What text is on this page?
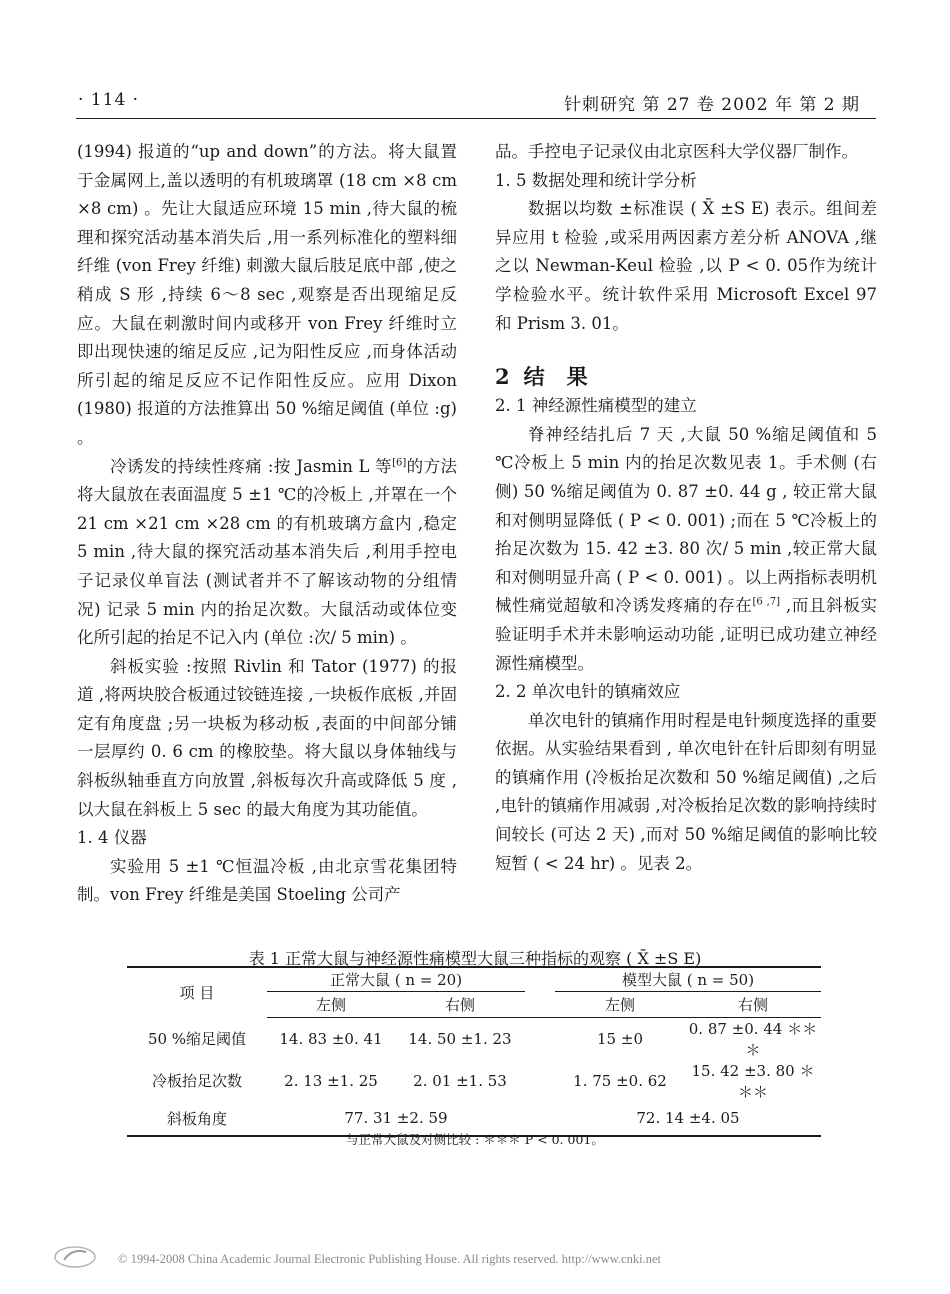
· 114 ·	针刺研究 第 27 卷 2002 年 第 2 期

(1994) 报道的“up and down”的方法。将大鼠置于金属网上,盖以透明的有机玻璃罩 (18 cm ×8 cm ×8 cm) 。先让大鼠适应环境 15 min ,待大鼠的梳理和探究活动基本消失后 ,用一系列标准化的塑料细纤维 (von Frey 纤维) 刺激大鼠后肢足底中部 ,使之稍成 S 形 ,持续 6～8 sec ,观察是否出现缩足反应。大鼠在刺激时间内或移开 von Frey 纤维时立即出现快速的缩足反应 ,记为阳性反应 ,而身体活动所引起的缩足反应不记作阳性反应。应用 Dixon (1980) 报道的方法推算出 50 %缩足阈值 (单位 :g) 。

冷诱发的持续性疼痛 :按 Jasmin L 等[6]的方法将大鼠放在表面温度 5 ±1 ℃的冷板上 ,并罩在一个 21 cm ×21 cm ×28 cm 的有机玻璃方盒内 ,稳定 5 min ,待大鼠的探究活动基本消失后 ,利用手控电子记录仪单盲法 (测试者并不了解该动物的分组情况) 记录 5 min 内的抬足次数。大鼠活动或体位变化所引起的抬足不记入内 (单位 :次/ 5 min) 。

斜板实验 :按照 Rivlin 和 Tator (1977) 的报道 ,将两块胶合板通过铰链连接 ,一块板作底板 ,并固定有角度盘 ;另一块板为移动板 ,表面的中间部分铺一层厚约 0. 6 cm 的橡胶垫。将大鼠以身体轴线与斜板纵轴垂直方向放置 ,斜板每次升高或降低 5 度 ,以大鼠在斜板上 5 sec 的最大角度为其功能值。

1. 4 仪器

实验用 5 ±1 ℃恒温冷板 ,由北京雪花集团特制。von Frey 纤维是美国 Stoeling 公司产

品。手控电子记录仪由北京医科大学仪器厂制作。

1. 5 数据处理和统计学分析

数据以均数 ±标准误 ( X̄ ±S E) 表示。组间差异应用 t 检验 ,或采用两因素方差分析 ANOVA ,继之以 Newman-Keul 检验 ,以 P < 0. 05作为统计学检验水平。统计软件采用 Microsoft Excel 97 和 Prism 3. 01。

2 结果

2. 1 神经源性痛模型的建立

脊神经结扎后 7 天 ,大鼠 50 %缩足阈值和 5 ℃冷板上 5 min 内的抬足次数见表 1。手术侧 (右侧) 50 %缩足阈值为 0. 87 ±0. 44 g , 较正常大鼠和对侧明显降低 ( P < 0. 001) ;而在 5 ℃冷板上的抬足次数为 15. 42 ±3. 80 次/ 5 min ,较正常大鼠和对侧明显升高 ( P < 0. 001) 。以上两指标表明机械性痛觉超敏和冷诱发疼痛的存在[6 ,7] ,而且斜板实验证明手术并未影响运动功能 ,证明已成功建立神经源性痛模型。

2. 2 单次电针的镇痛效应

单次电针的镇痛作用时程是电针频度选择的重要依据。从实验结果看到 , 单次电针在针后即刻有明显的镇痛作用 (冷板抬足次数和 50 %缩足阈值) ,之后 ,电针的镇痛作用减弱 ,对冷板抬足次数的影响持续时间较长 (可达 2 天) ,而对 50 %缩足阈值的影响比较短暂 ( < 24 hr) 。见表 2。

表 1 正常大鼠与神经源性痛模型大鼠三种指标的观察 ( X̄ ±S E)
项 目	正常大鼠 ( n = 20)			模型大鼠 ( n = 50)	
	左侧	右侧		左侧	右侧
50 %缩足阈值	14. 83 ±0. 41	14. 50 ±1. 23		15 ±0	0. 87 ±0. 44 ＊＊＊
冷板抬足次数	2. 13 ±1. 25	2. 01 ±1. 53		1. 75 ±0. 62	15. 42 ±3. 80 ＊＊＊
斜板角度	77. 31 ±2. 59			72. 14 ±4. 05	
与正常大鼠及对侧比较 : ＊＊＊ P < 0. 001。
© 1994-2008 China Academic Journal Electronic Publishing House. All rights reserved. http://www.cnki.net
